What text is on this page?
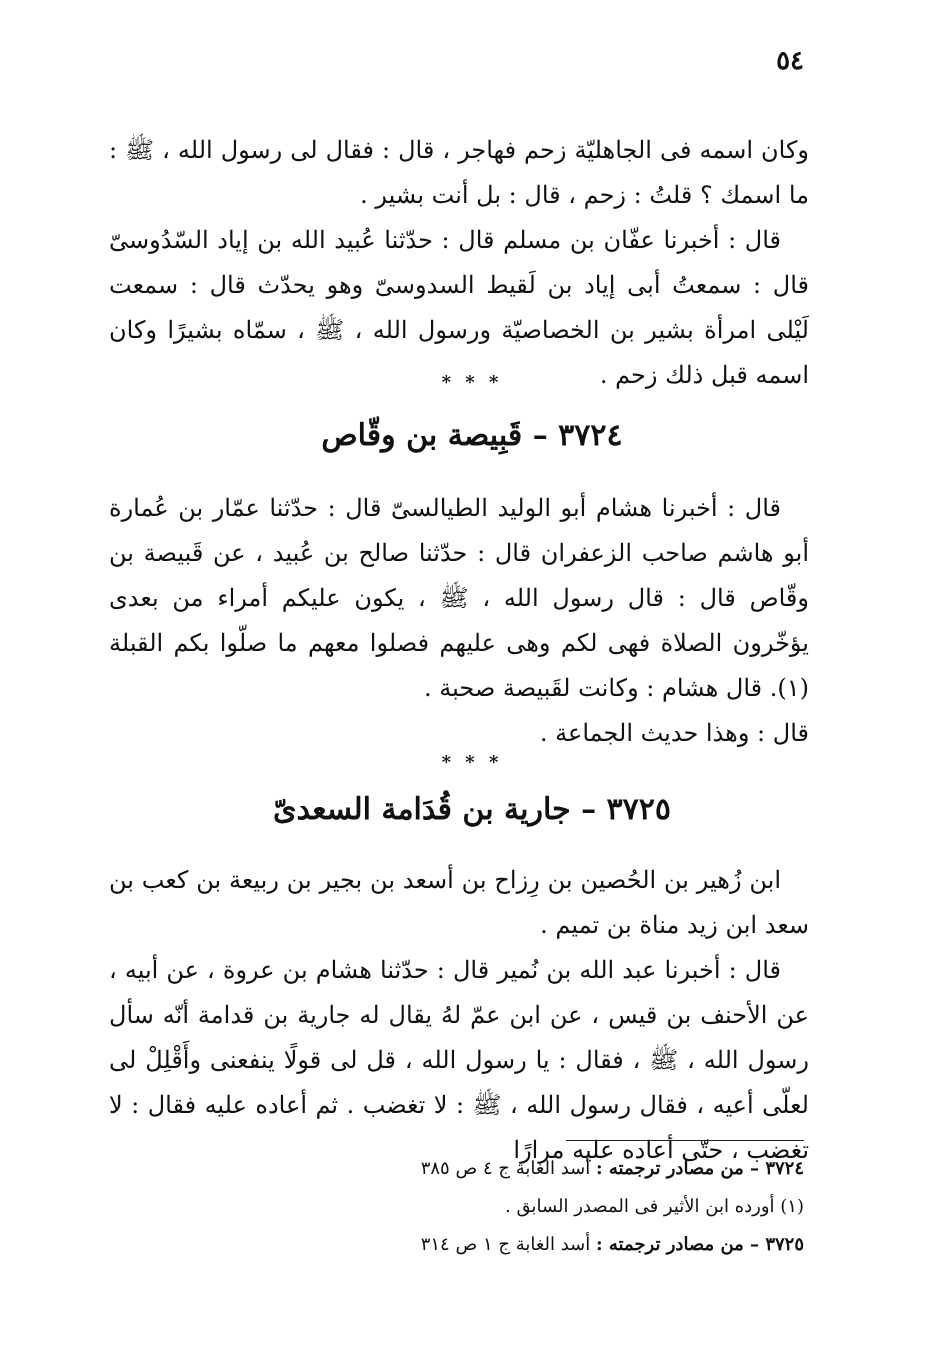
٥٤

وكان اسمه فى الجاهليّة زحم فهاجر ، قال : فقال لى رسول الله ، ﷺ : ما اسمك ؟ قلتُ : زحم ، قال : بل أنت بشير .

قال : أخبرنا عفّان بن مسلم قال : حدّثنا عُبيد الله بن إياد السّدُوسىّ قال : سمعتُ أبى إياد بن لَقيط السدوسىّ وهو يحدّث قال : سمعت لَيْلى امرأة بشير بن الخصاصيّة ورسول الله ، ﷺ ، سمّاه بشيرًا وكان اسمه قبل ذلك زحم .

* * *
٣٧٢٤ – قَبِيصة بن وقّاص

قال : أخبرنا هشام أبو الوليد الطيالسىّ قال : حدّثنا عمّار بن عُمارة أبو هاشم صاحب الزعفران قال : حدّثنا صالح بن عُبيد ، عن قَبيصة بن وقّاص قال : قال رسول الله ، ﷺ ، يكون عليكم أمراء من بعدى يؤخّرون الصلاة فهى لكم وهى عليهم فصلوا معهم ما صلّوا بكم القبلة (١). قال هشام : وكانت لقَبيصة صحبة .

قال : وهذا حديث الجماعة .

* * *
٣٧٢٥ – جارية بن قُدَامة السعدىّ

ابن زُهير بن الحُصين بن رِزاح بن أسعد بن بجير بن ربيعة بن كعب بن سعد ابن زيد مناة بن تميم .

قال : أخبرنا عبد الله بن نُمير قال : حدّثنا هشام بن عروة ، عن أبيه ، عن الأحنف بن قيس ، عن ابن عمّ لهُ يقال له جارية بن قدامة أنّه سأل رسول الله ، ﷺ ، فقال : يا رسول الله ، قل لى قولًا ينفعنى وأَقْلِلْ لى لعلّى أعيه ، فقال رسول الله ، ﷺ : لا تغضب . ثم أعاده عليه فقال : لا تغضب ، حتّى أعاده عليه مرارًا

٣٧٢٤ – من مصادر ترجمته : أسد الغابة ج ٤ ص ٣٨٥
(١) أورده ابن الأثير فى المصدر السابق .
٣٧٢٥ – من مصادر ترجمته : أسد الغابة ج ١ ص ٣١٤
